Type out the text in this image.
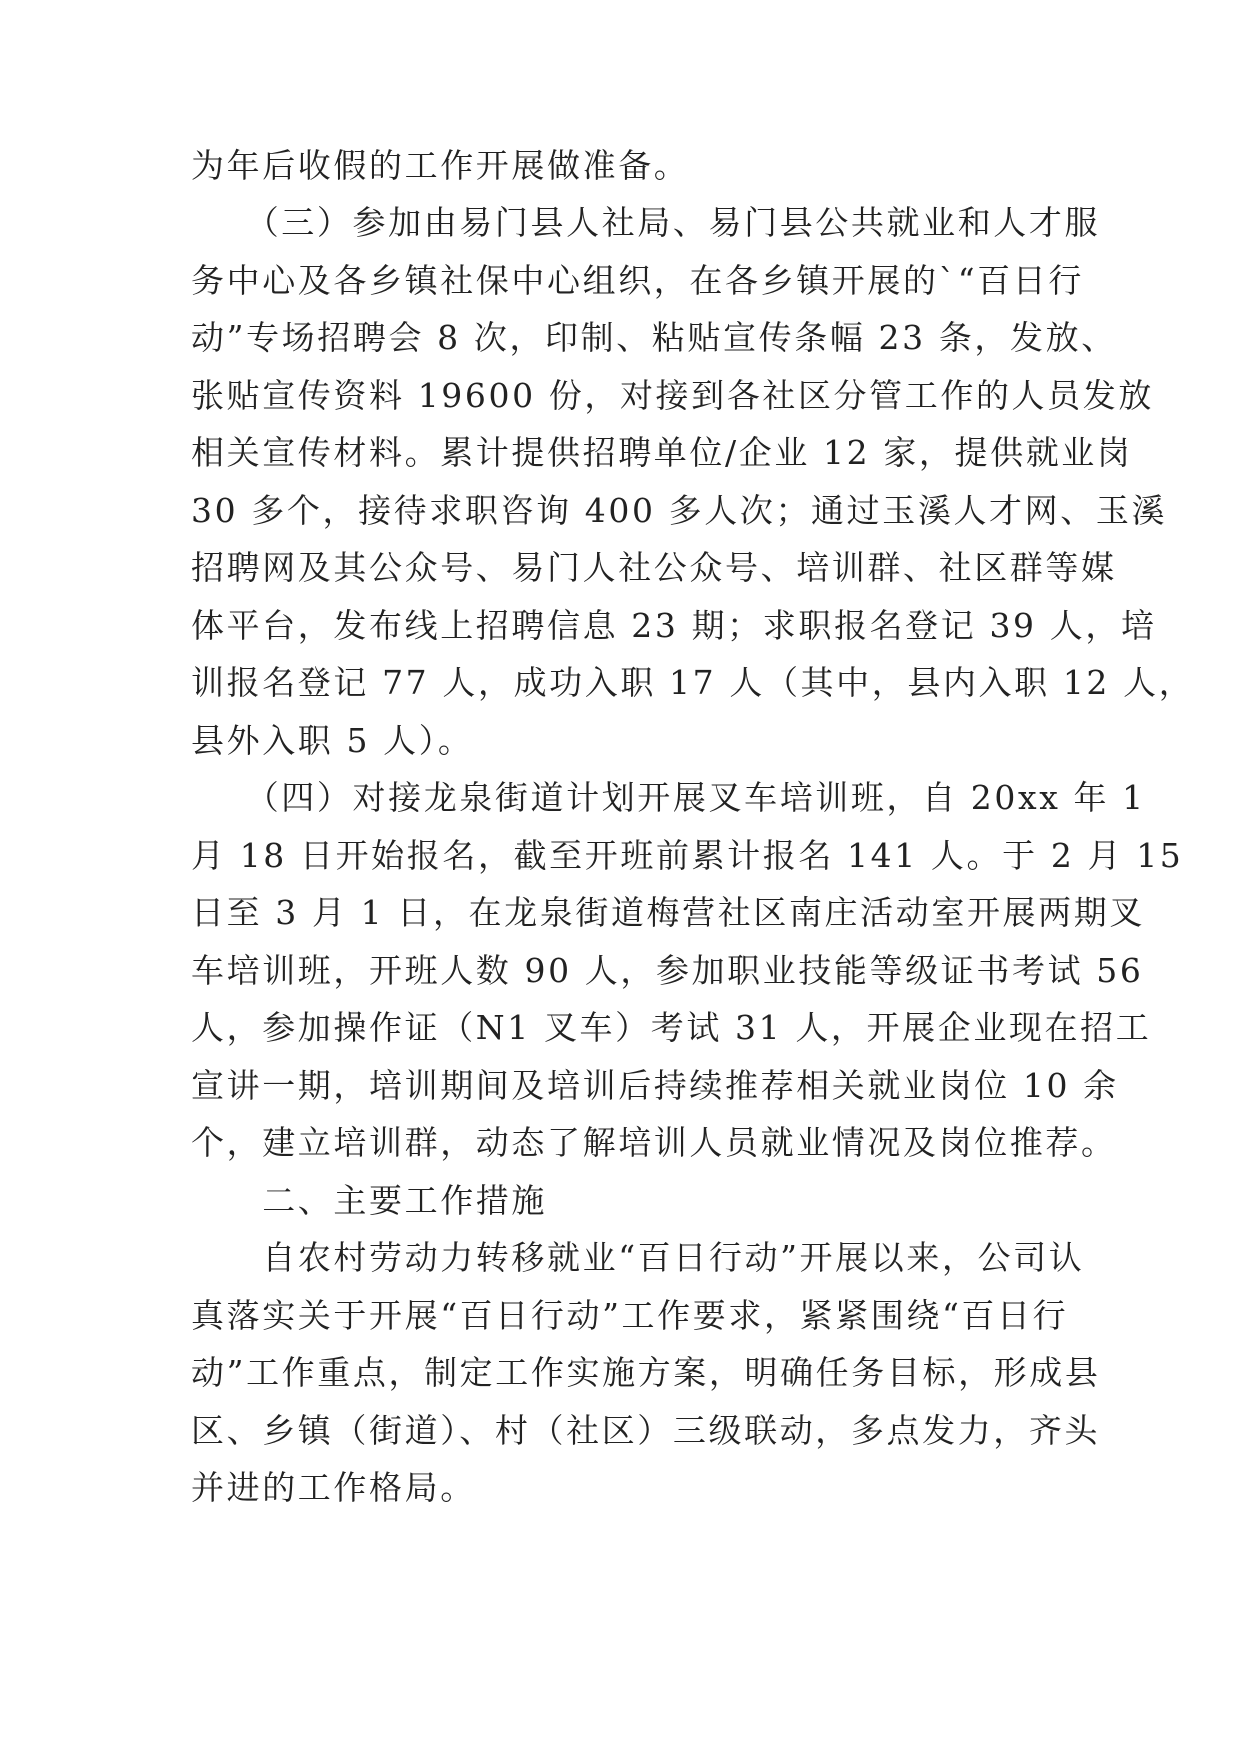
为年后收假的工作开展做准备。

　　（三）参加由易门县人社局、易门县公共就业和人才服

务中心及各乡镇社保中心组织，在各乡镇开展的`“百日行

动”专场招聘会 8 次，印制、粘贴宣传条幅 23 条，发放、

张贴宣传资料 19600 份，对接到各社区分管工作的人员发放

相关宣传材料。累计提供招聘单位/企业 12 家，提供就业岗

30 多个，接待求职咨询 400 多人次；通过玉溪人才网、玉溪

招聘网及其公众号、易门人社公众号、培训群、社区群等媒

体平台，发布线上招聘信息 23 期；求职报名登记 39 人，培

训报名登记 77 人，成功入职 17 人（其中，县内入职 12 人，

县外入职 5 人）。

　　（四）对接龙泉街道计划开展叉车培训班，自 20xx 年 1

月 18 日开始报名，截至开班前累计报名 141 人。于 2 月 15

日至 3 月 1 日，在龙泉街道梅营社区南庄活动室开展两期叉

车培训班，开班人数 90 人，参加职业技能等级证书考试 56

人，参加操作证（N1 叉车）考试 31 人，开展企业现在招工

宣讲一期，培训期间及培训后持续推荐相关就业岗位 10 余

个，建立培训群，动态了解培训人员就业情况及岗位推荐。

　　二、主要工作措施

　　自农村劳动力转移就业“百日行动”开展以来，公司认

真落实关于开展“百日行动”工作要求，紧紧围绕“百日行

动”工作重点，制定工作实施方案，明确任务目标，形成县

区、乡镇（街道）、村（社区）三级联动，多点发力，齐头

并进的工作格局。
